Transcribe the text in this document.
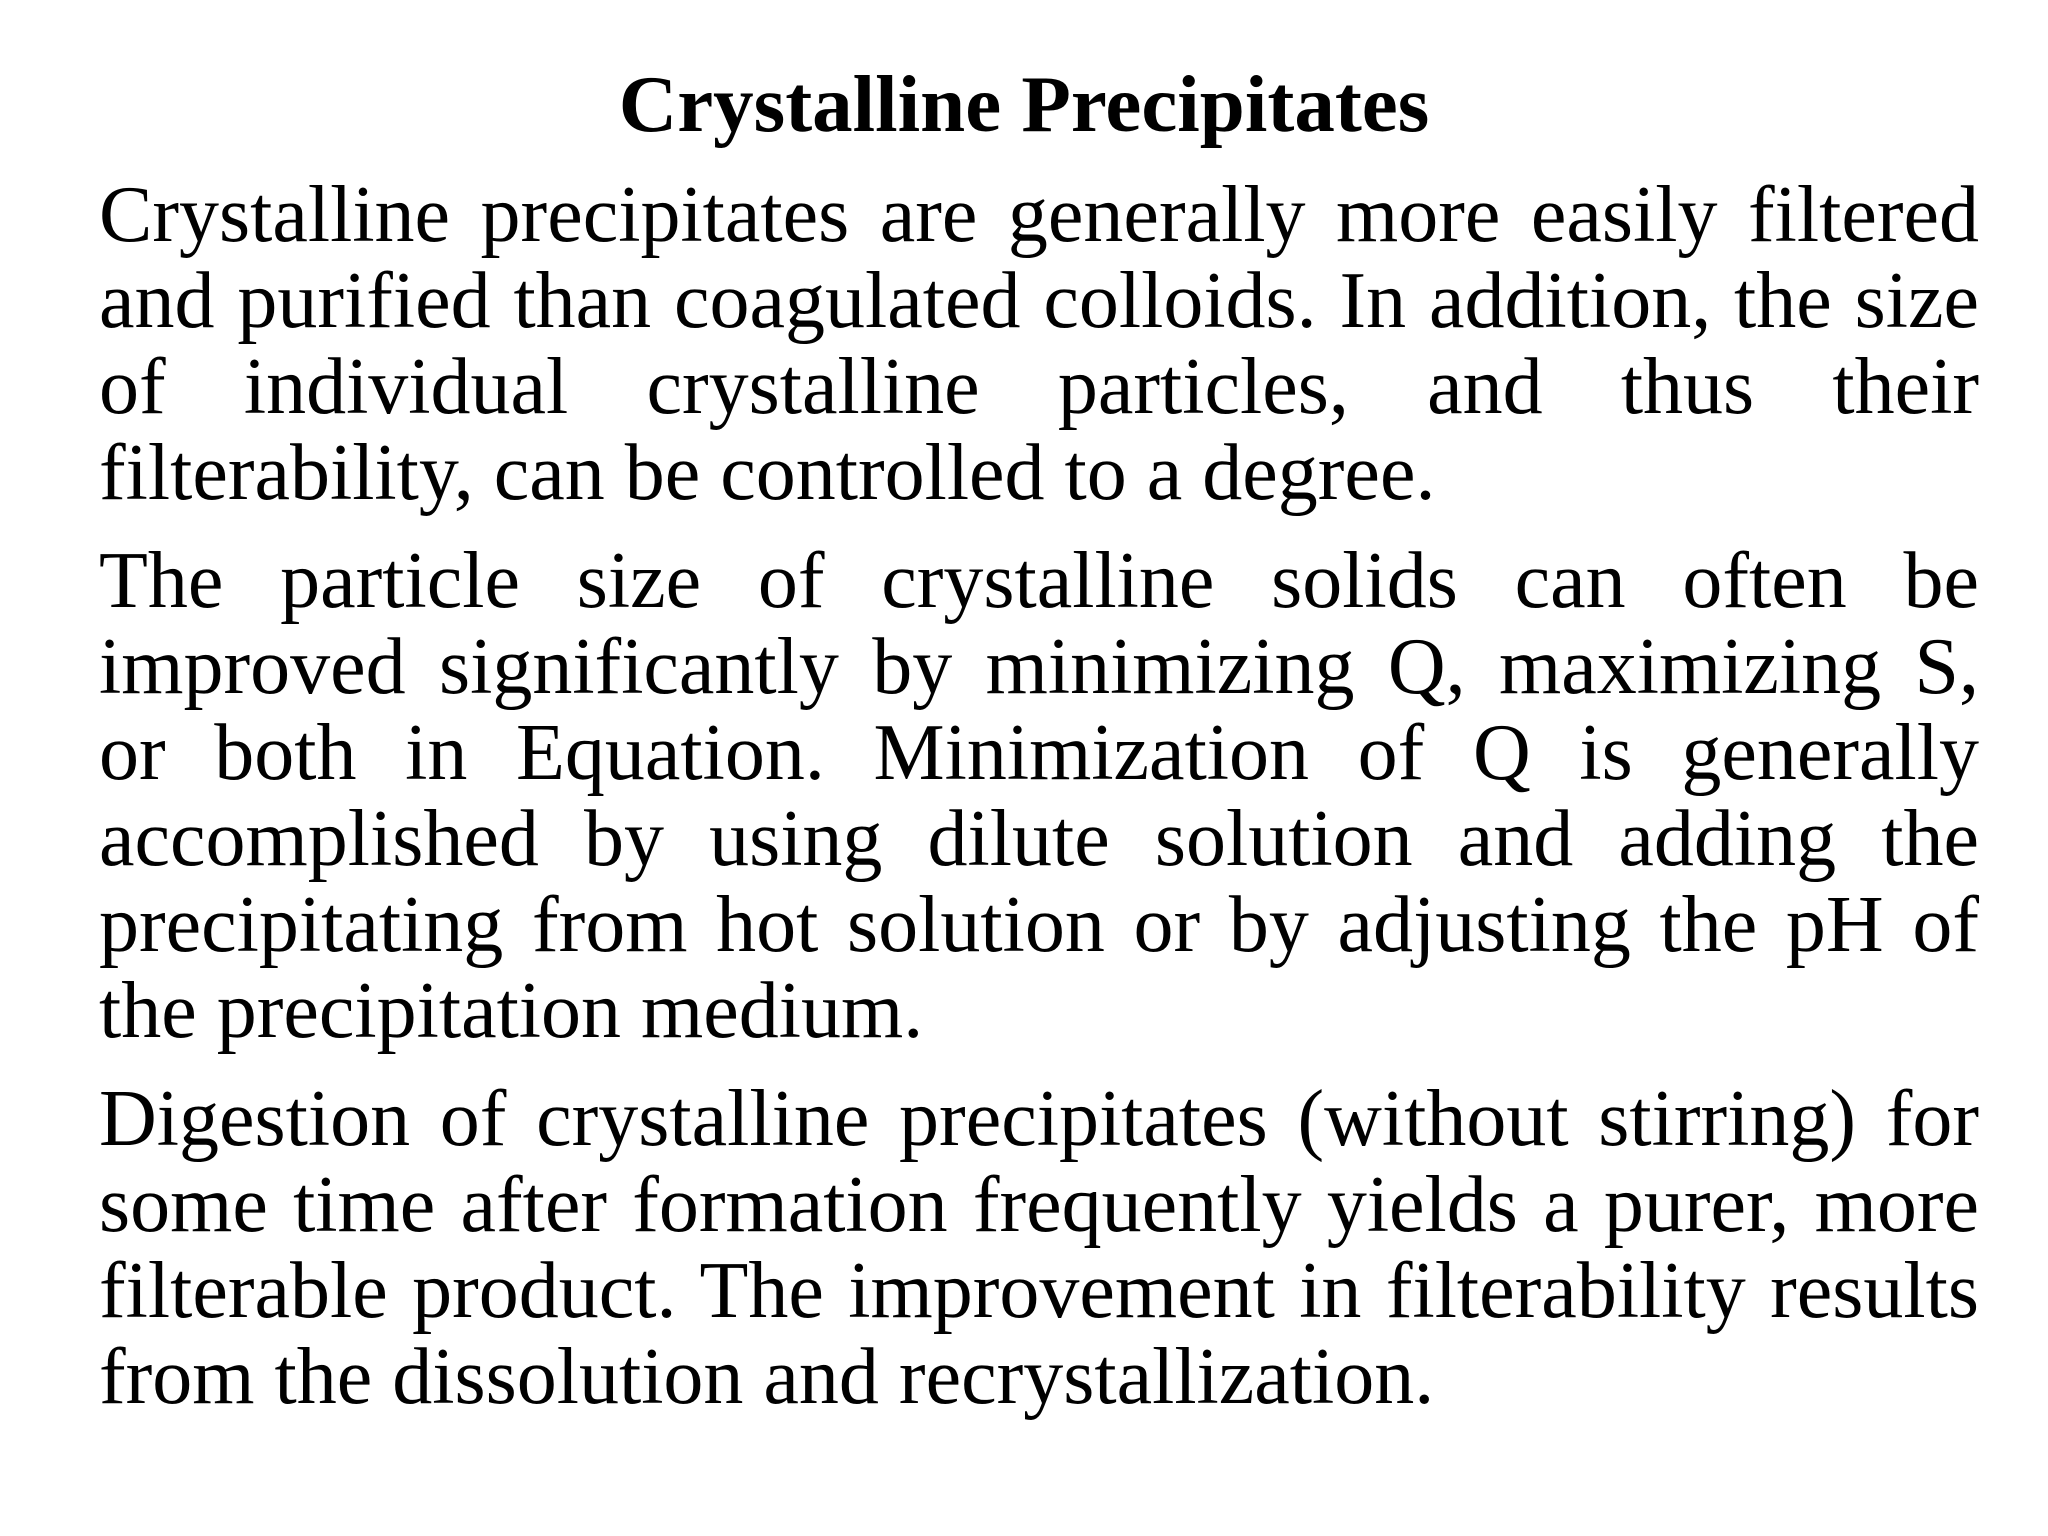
Crystalline Precipitates

Crystalline precipitates are generally more easily filtered and purified than coagulated colloids. In addition, the size of individual crystalline particles, and thus their filterability, can be controlled to a degree.

The particle size of crystalline solids can often be improved significantly by minimizing Q, maximizing S, or both in Equation. Minimization of Q is generally accomplished by using dilute solution and adding the precipitating from hot solution or by adjusting the pH of the precipitation medium.

Digestion of crystalline precipitates (without stirring) for some time after formation frequently yields a purer, more filterable product. The improvement in filterability results from the dissolution and recrystallization.
